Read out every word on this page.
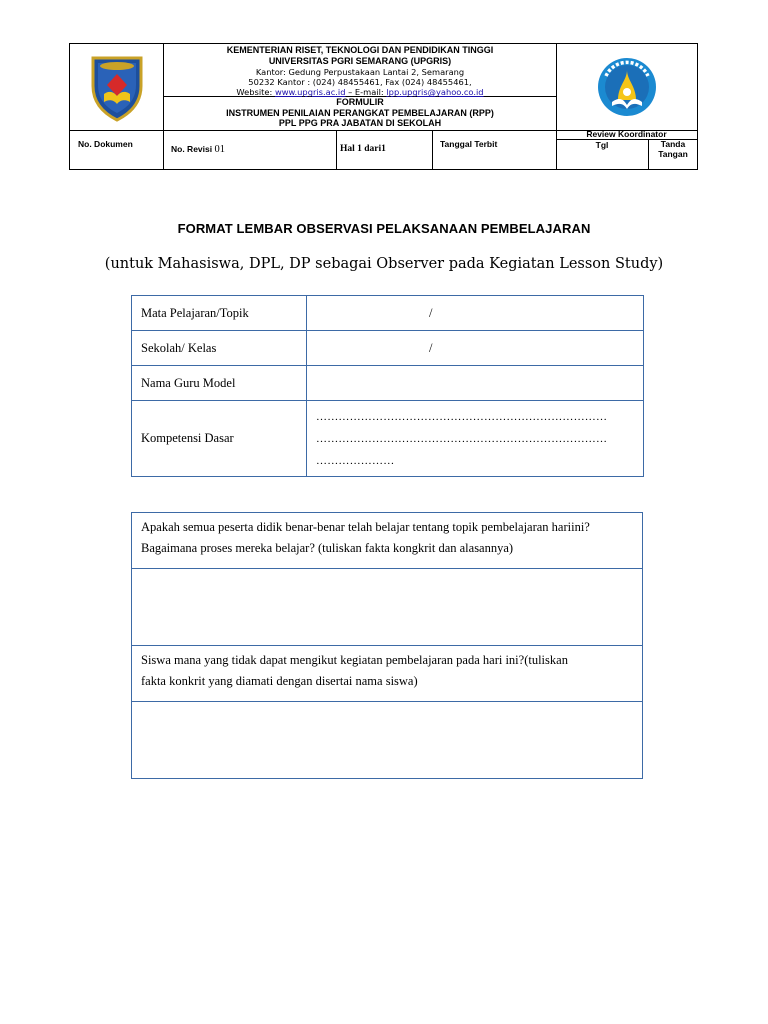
KEMENTERIAN RISET, TEKNOLOGI DAN PENDIDIKAN TINGGI
UNIVERSITAS PGRI SEMARANG (UPGRIS)
Kantor: Gedung Perpustakaan Lantai 2, Semarang
50232 Kantor : (024) 48455461, Fax (024) 48455461,
Website: www.upgris.ac.id – E-mail: lpp.upgris@yahoo.co.id
FORMULIR
INSTRUMEN PENILAIAN PERANGKAT PEMBELAJARAN (RPP)
PPL PPG PRA JABATAN DI SEKOLAH
No. Dokumen	No. Revisi 01	Hal 1 dari1	Tanggal Terbit
Review Koordinator
Tgl	Tanda Tangan
FORMAT LEMBAR OBSERVASI PELAKSANAAN PEMBELAJARAN
(untuk Mahasiswa, DPL, DP sebagai Observer pada Kegiatan Lesson Study)
Mata Pelajaran/Topik	/
Sekolah/ Kelas	/
Nama Guru Model	
Kompetensi Dasar	……………………………………………………………………
……………………………………………………………………
…………………
Apakah semua peserta didik benar-benar telah belajar tentang topik pembelajaran hariini?
Bagaimana proses mereka belajar? (tuliskan fakta kongkrit dan alasannya)

Siswa mana yang tidak dapat mengikut kegiatan pembelajaran pada hari ini?(tuliskan
fakta konkrit yang diamati dengan disertai nama siswa)
